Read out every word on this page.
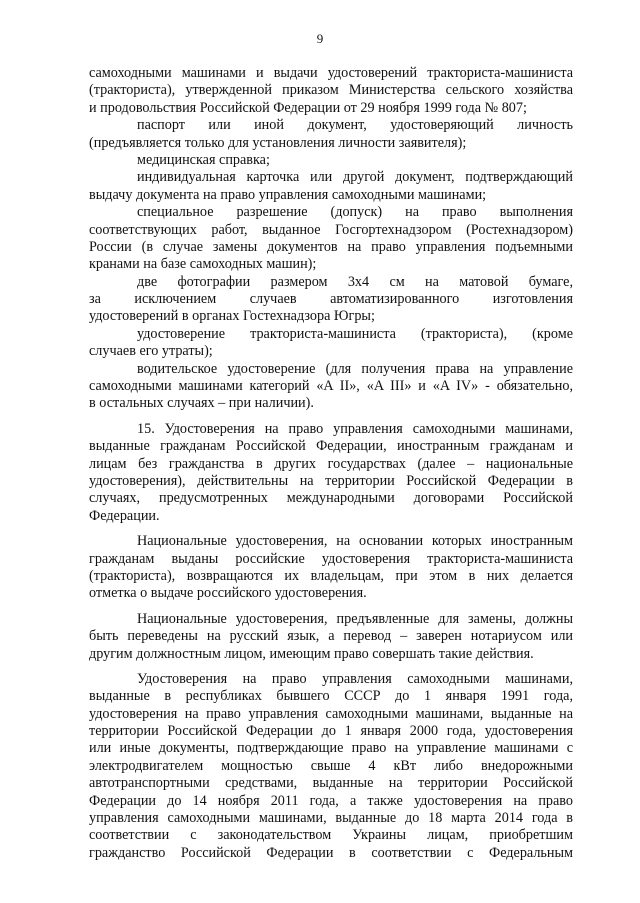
9
самоходными машинами и выдачи удостоверений тракториста-машиниста
(тракториста), утвержденной приказом Министерства сельского хозяйства
и продовольствия Российской Федерации от 29 ноября 1999 года № 807;
паспорт или иной документ, удостоверяющий личность
(предъявляется только для установления личности заявителя);
медицинская справка;
индивидуальная карточка или другой документ, подтверждающий
выдачу документа на право управления самоходными машинами;
специальное разрешение (допуск) на право выполнения
соответствующих работ, выданное Госгортехнадзором (Ростехнадзором)
России (в случае замены документов на право управления подъемными
кранами на базе самоходных машин);
две фотографии размером 3х4 см на матовой бумаге,
за исключением случаев автоматизированного изготовления
удостоверений в органах Гостехнадзора Югры;
удостоверение тракториста-машиниста (тракториста), (кроме
случаев его утраты);
водительское удостоверение (для получения права на управление
самоходными машинами категорий «A II», «A III» и «A IV» - обязательно,
в остальных случаях – при наличии).
15. Удостоверения на право управления самоходными машинами,
выданные гражданам Российской Федерации, иностранным гражданам и
лицам без гражданства в других государствах (далее – национальные
удостоверения), действительны на территории Российской Федерации в
случаях, предусмотренных международными договорами Российской
Федерации.
Национальные удостоверения, на основании которых иностранным
гражданам выданы российские удостоверения тракториста-машиниста
(тракториста), возвращаются их владельцам, при этом в них делается
отметка о выдаче российского удостоверения.
Национальные удостоверения, предъявленные для замены, должны
быть переведены на русский язык, а перевод – заверен нотариусом или
другим должностным лицом, имеющим право совершать такие действия.
Удостоверения на право управления самоходными машинами,
выданные в республиках бывшего СССР до 1 января 1991 года,
удостоверения на право управления самоходными машинами, выданные на
территории Российской Федерации до 1 января 2000 года, удостоверения
или иные документы, подтверждающие право на управление машинами с
электродвигателем мощностью свыше 4 кВт либо внедорожными
автотранспортными средствами, выданные на территории Российской
Федерации до 14 ноября 2011 года, а также удостоверения на право
управления самоходными машинами, выданные до 18 марта 2014 года в
соответствии с законодательством Украины лицам, приобретшим
гражданство Российской Федерации в соответствии с Федеральным
